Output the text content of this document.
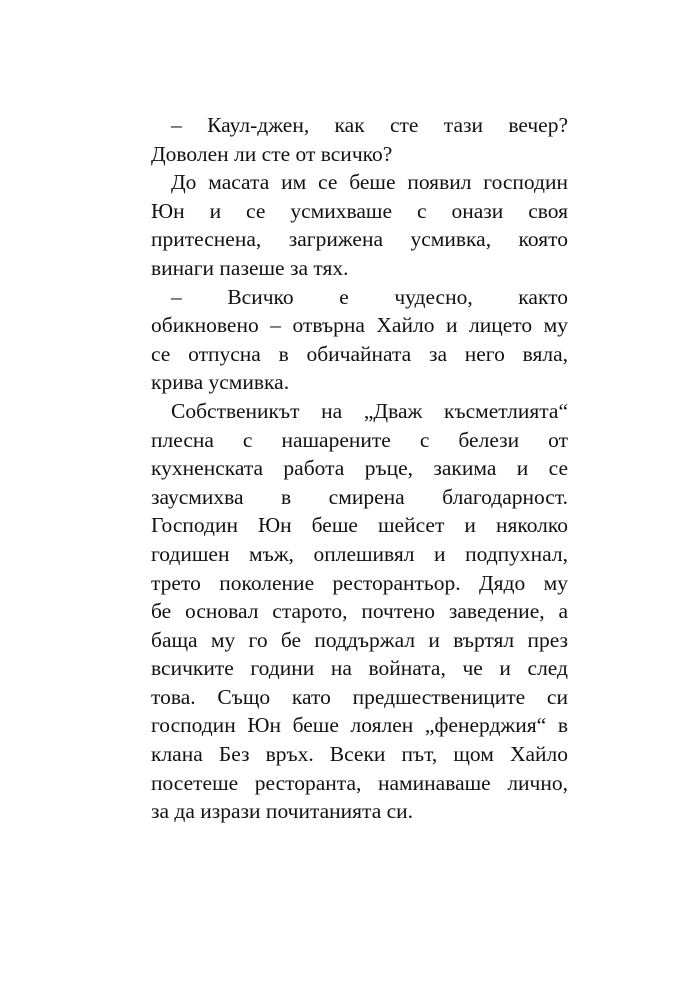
– Каул-джен, как сте тази вечер?
Доволен ли сте от всичко?

До масата им се беше появил господин
Юн и се усмихваше с онази своя
притеснена, загрижена усмивка, която
винаги пазеше за тях.

– Всичко е чудесно, както
обикновено – отвърна Хайло и лицето му
се отпусна в обичайната за него вяла,
крива усмивка.

Собственикът на „Дваж късметлията“
плесна с нашарените с белези от
кухненската работа ръце, закима и се
заусмихва в смирена благодарност.
Господин Юн беше шейсет и няколко
годишен мъж, оплешивял и подпухнал,
трето поколение ресторантьор. Дядо му
бе основал старото, почтено заведение, а
баща му го бе поддържал и въртял през
всичките години на войната, че и след
това. Също като предшествениците си
господин Юн беше лоялен „фенерджия“ в
клана Без връх. Всеки път, щом Хайло
посетеше ресторанта, наминаваше лично,
за да изрази почитанията си.
